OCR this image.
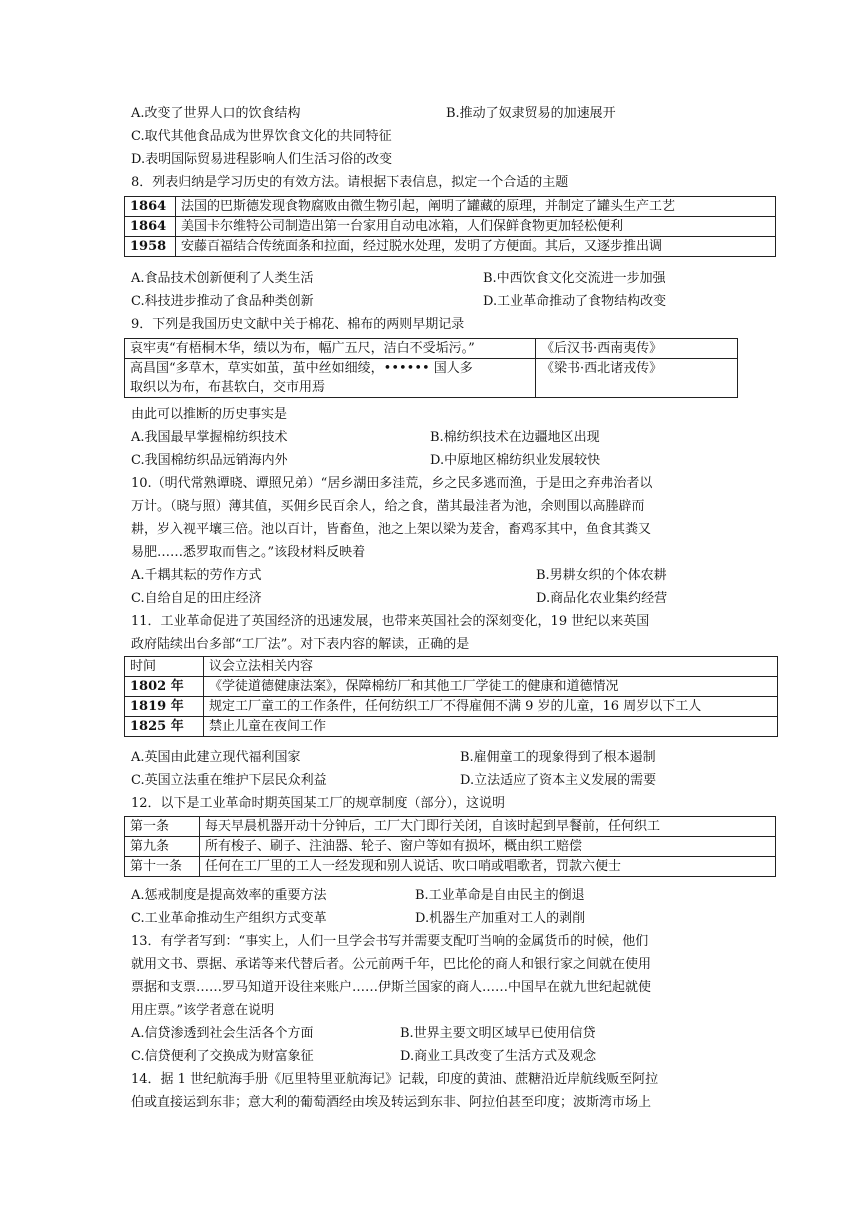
A.改变了世界人口的饮食结构	B.推动了奴隶贸易的加速展开
C.取代其他食品成为世界饮食文化的共同特征
D.表明国际贸易进程影响人们生活习俗的改变
8．列表归纳是学习历史的有效方法。请根据下表信息，拟定一个合适的主题
1864	法国的巴斯德发现食物腐败由微生物引起，阐明了罐藏的原理，并制定了罐头生产工艺
1864	美国卡尔维特公司制造出第一台家用自动电冰箱，人们保鲜食物更加轻松便利
1958	安藤百福结合传统面条和拉面，经过脱水处理，发明了方便面。其后，又逐步推出调
A.食品技术创新便利了人类生活	B.中西饮食文化交流进一步加强
C.科技进步推动了食品种类创新	D.工业革命推动了食物结构改变
9．下列是我国历史文献中关于棉花、棉布的两则早期记录
哀牢夷“有梧桐木华，绩以为布，幅广五尺，洁白不受垢污。”	《后汉书·西南夷传》

高昌国“多草木，草实如茧，茧中丝如细绫，•••••• 国人多
取织以为布，布甚软白，交市用焉	《梁书·西北诸戎传》
由此可以推断的历史事实是
A.我国最早掌握棉纺织技术	B.棉纺织技术在边疆地区出现
C.我国棉纺织品远销海内外	D.中原地区棉纺织业发展较快
10.（明代常熟谭晓、谭照兄弟）“居乡湖田多洼荒，乡之民多逃而渔，于是田之弃弗治者以
万计。（晓与照）薄其值，买佣乡民百余人，给之食，凿其最洼者为池，余则围以高塍辟而
耕，岁入视平壤三倍。池以百计，皆畜鱼，池之上架以梁为茇舍，畜鸡豕其中，鱼食其粪又
易肥……悉罗取而售之。”该段材料反映着
A.千耦其耘的劳作方式	B.男耕女织的个体农耕
C.自给自足的田庄经济	D.商品化农业集约经营
11．工业革命促进了英国经济的迅速发展，也带来英国社会的深刻变化，19 世纪以来英国
政府陆续出台多部“工厂法”。对下表内容的解读，正确的是
时间	议会立法相关内容
1802 年	《学徒道德健康法案》，保障棉纺厂和其他工厂学徒工的健康和道德情况
1819 年	规定工厂童工的工作条件，任何纺织工厂不得雇佣不满 9 岁的儿童，16 周岁以下工人
1825 年	禁止儿童在夜间工作
A.英国由此建立现代福利国家	B.雇佣童工的现象得到了根本遏制
C.英国立法重在维护下层民众利益	D.立法适应了资本主义发展的需要
12．以下是工业革命时期英国某工厂的规章制度（部分），这说明
第一条	每天早晨机器开动十分钟后，工厂大门即行关闭，自该时起到早餐前，任何织工
第九条	所有梭子、刷子、注油器、轮子、窗户等如有损坏，概由织工赔偿
第十一条	任何在工厂里的工人一经发现和别人说话、吹口哨或唱歌者，罚款六便士
A.惩戒制度是提高效率的重要方法	B.工业革命是自由民主的倒退
C.工业革命推动生产组织方式变革	D.机器生产加重对工人的剥削
13．有学者写到：“事实上，人们一旦学会书写并需要支配叮当响的金属货币的时候，他们
就用文书、票据、承诺等来代替后者。公元前两千年，巴比伦的商人和银行家之间就在使用
票据和支票……罗马知道开设往来账户……伊斯兰国家的商人……中国早在就九世纪起就使
用庄票。”该学者意在说明
A.信贷渗透到社会生活各个方面	B.世界主要文明区域早已使用信贷
C.信贷便利了交换成为财富象征	D.商业工具改变了生活方式及观念
14．据 1 世纪航海手册《厄里特里亚航海记》记载，印度的黄油、蔗糖沿近岸航线贩至阿拉
伯或直接运到东非；意大利的葡萄酒经由埃及转运到东非、阿拉伯甚至印度；波斯湾市场上
